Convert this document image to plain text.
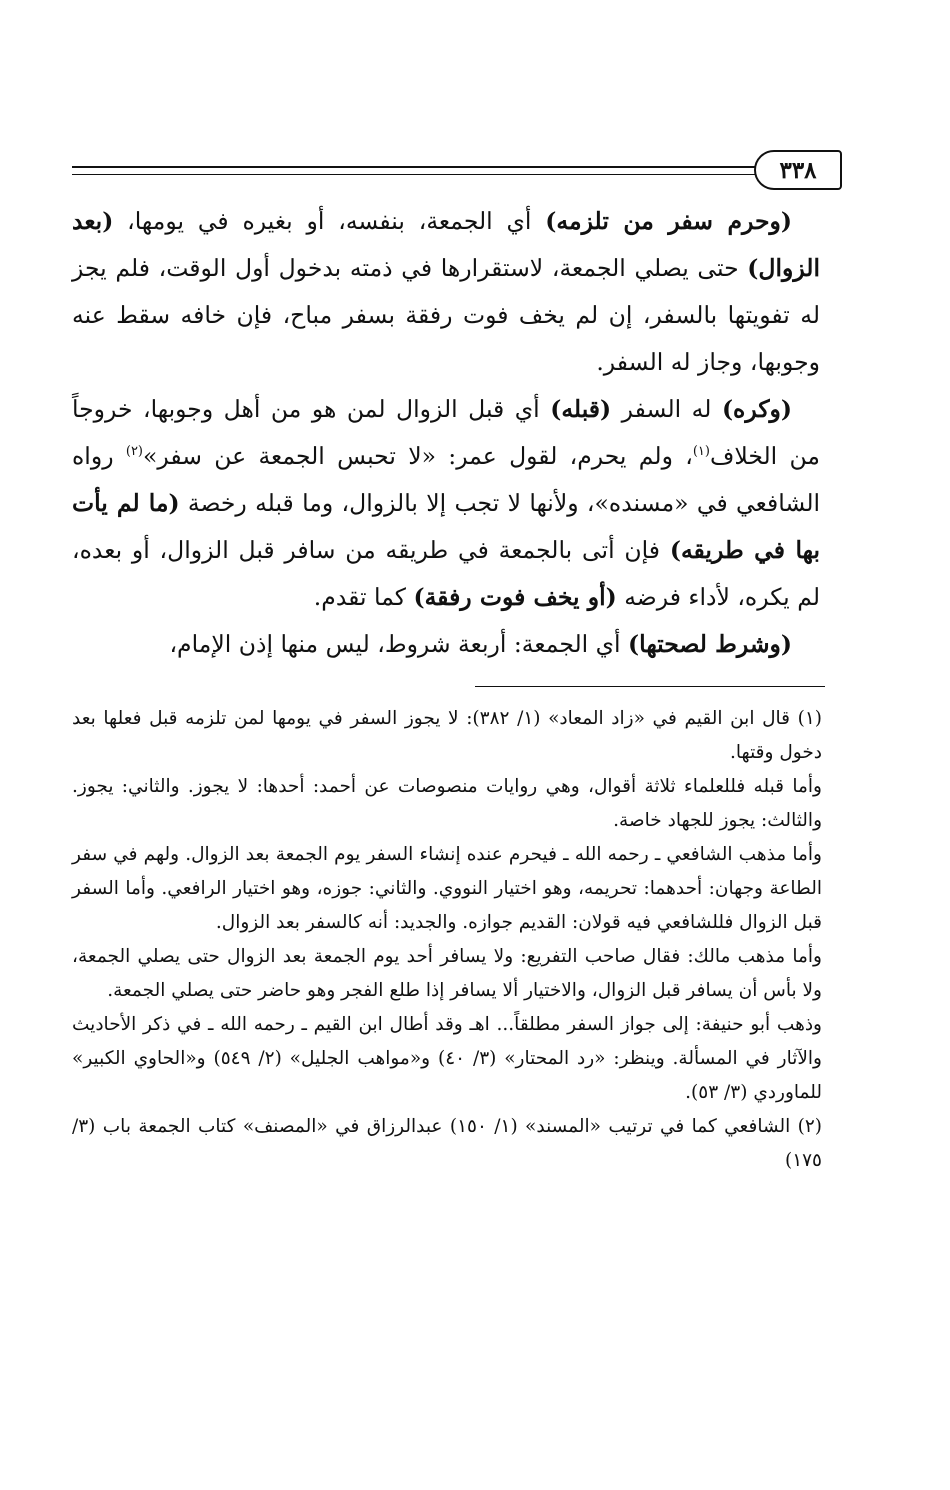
٣٣٨

(وحرم سفر من تلزمه) أي الجمعة، بنفسه، أو بغيره في يومها، (بعد الزوال) حتى يصلي الجمعة، لاستقرارها في ذمته بدخول أول الوقت، فلم يجز له تفويتها بالسفر، إن لم يخف فوت رفقة بسفر مباح، فإن خافه سقط عنه وجوبها، وجاز له السفر.

(وكره) له السفر (قبله) أي قبل الزوال لمن هو من أهل وجوبها، خروجاً من الخلاف$^{(١)}$، ولم يحرم، لقول عمر: «لا تحبس الجمعة عن سفر»$^{(٢)}$ رواه الشافعي في «مسنده»، ولأنها لا تجب إلا بالزوال، وما قبله رخصة (ما لم يأت بها في طريقه) فإن أتى بالجمعة في طريقه من سافر قبل الزوال، أو بعده، لم يكره، لأداء فرضه (أو يخف فوت رفقة) كما تقدم.

(وشرط لصحتها) أي الجمعة: أربعة شروط، ليس منها إذن الإمام،

(١) قال ابن القيم في «زاد المعاد» (١/ ٣٨٢): لا يجوز السفر في يومها لمن تلزمه قبل فعلها بعد دخول وقتها.

وأما قبله فللعلماء ثلاثة أقوال، وهي روايات منصوصات عن أحمد: أحدها: لا يجوز. والثاني: يجوز. والثالث: يجوز للجهاد خاصة.

وأما مذهب الشافعي ـ رحمه الله ـ فيحرم عنده إنشاء السفر يوم الجمعة بعد الزوال. ولهم في سفر الطاعة وجهان: أحدهما: تحريمه، وهو اختيار النووي. والثاني: جوزه، وهو اختيار الرافعي. وأما السفر قبل الزوال فللشافعي فيه قولان: القديم جوازه. والجديد: أنه كالسفر بعد الزوال.

وأما مذهب مالك: فقال صاحب التفريع: ولا يسافر أحد يوم الجمعة بعد الزوال حتى يصلي الجمعة، ولا بأس أن يسافر قبل الزوال، والاختيار ألا يسافر إذا طلع الفجر وهو حاضر حتى يصلي الجمعة.

وذهب أبو حنيفة: إلى جواز السفر مطلقاً... اهـ وقد أطال ابن القيم ـ رحمه الله ـ في ذكر الأحاديث والآثار في المسألة. وينظر: «رد المحتار» (٣/ ٤٠) و«مواهب الجليل» (٢/ ٥٤٩) و«الحاوي الكبير» للماوردي (٣/ ٥٣).

(٢) الشافعي كما في ترتيب «المسند» (١/ ١٥٠) عبدالرزاق في «المصنف» كتاب الجمعة باب (٣/ ١٧٥)
